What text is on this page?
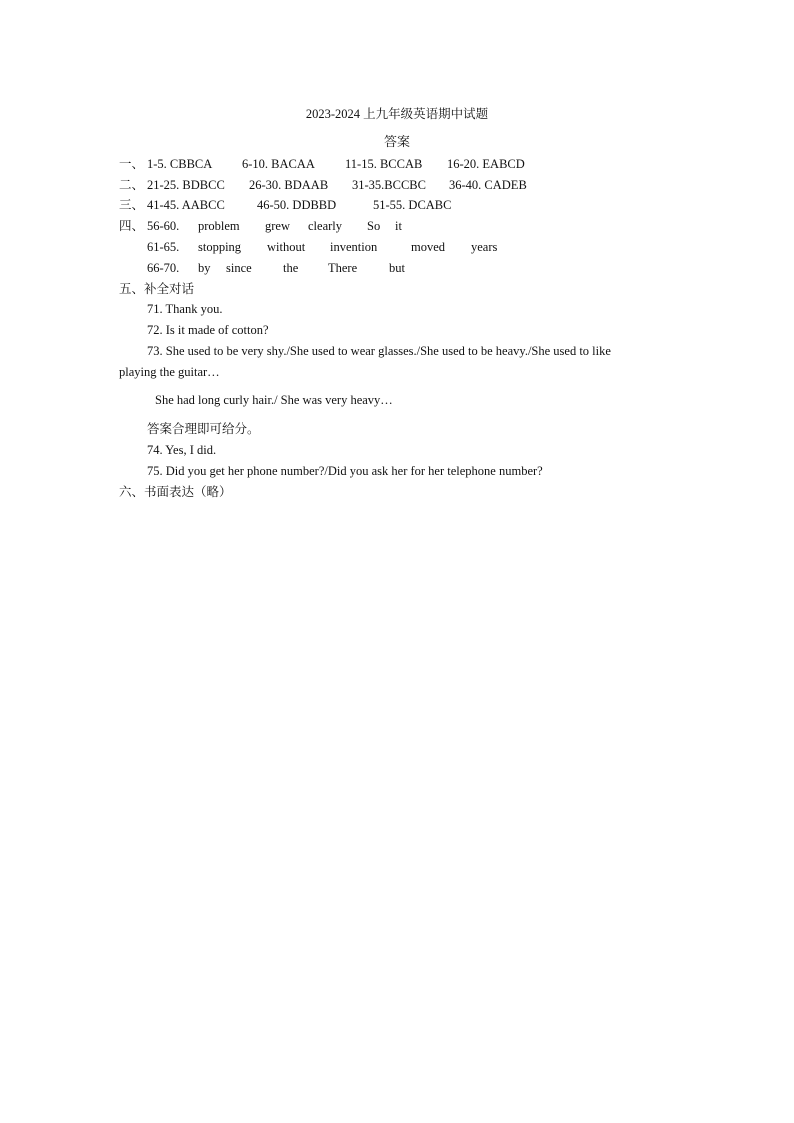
2023-2024 上九年级英语期中试题
答案
一、 1-5. CBBCA 6-10. BACAA 11-15. BCCAB 16-20. EABCD
二、 21-25. BDBCC 26-30. BDAAB 31-35.BCCBC 36-40. CADEB
三、 41-45. AABCC	46-50. DDBBD	51-55. DCABC
四、 56-60. problem grew clearly So it
61-65. stopping without invention	moved years
66-70. by since	the There	but
五、补全对话
71. Thank you.
72. Is it made of cotton?
73. She used to be very shy./She used to wear glasses./She used to be heavy./She used to like
playing the guitar…
She had long curly hair./ She was very heavy…
答案合理即可给分。
74. Yes, I did.
75. Did you get her phone number?/Did you ask her for her telephone number?
六、书面表达（略）
